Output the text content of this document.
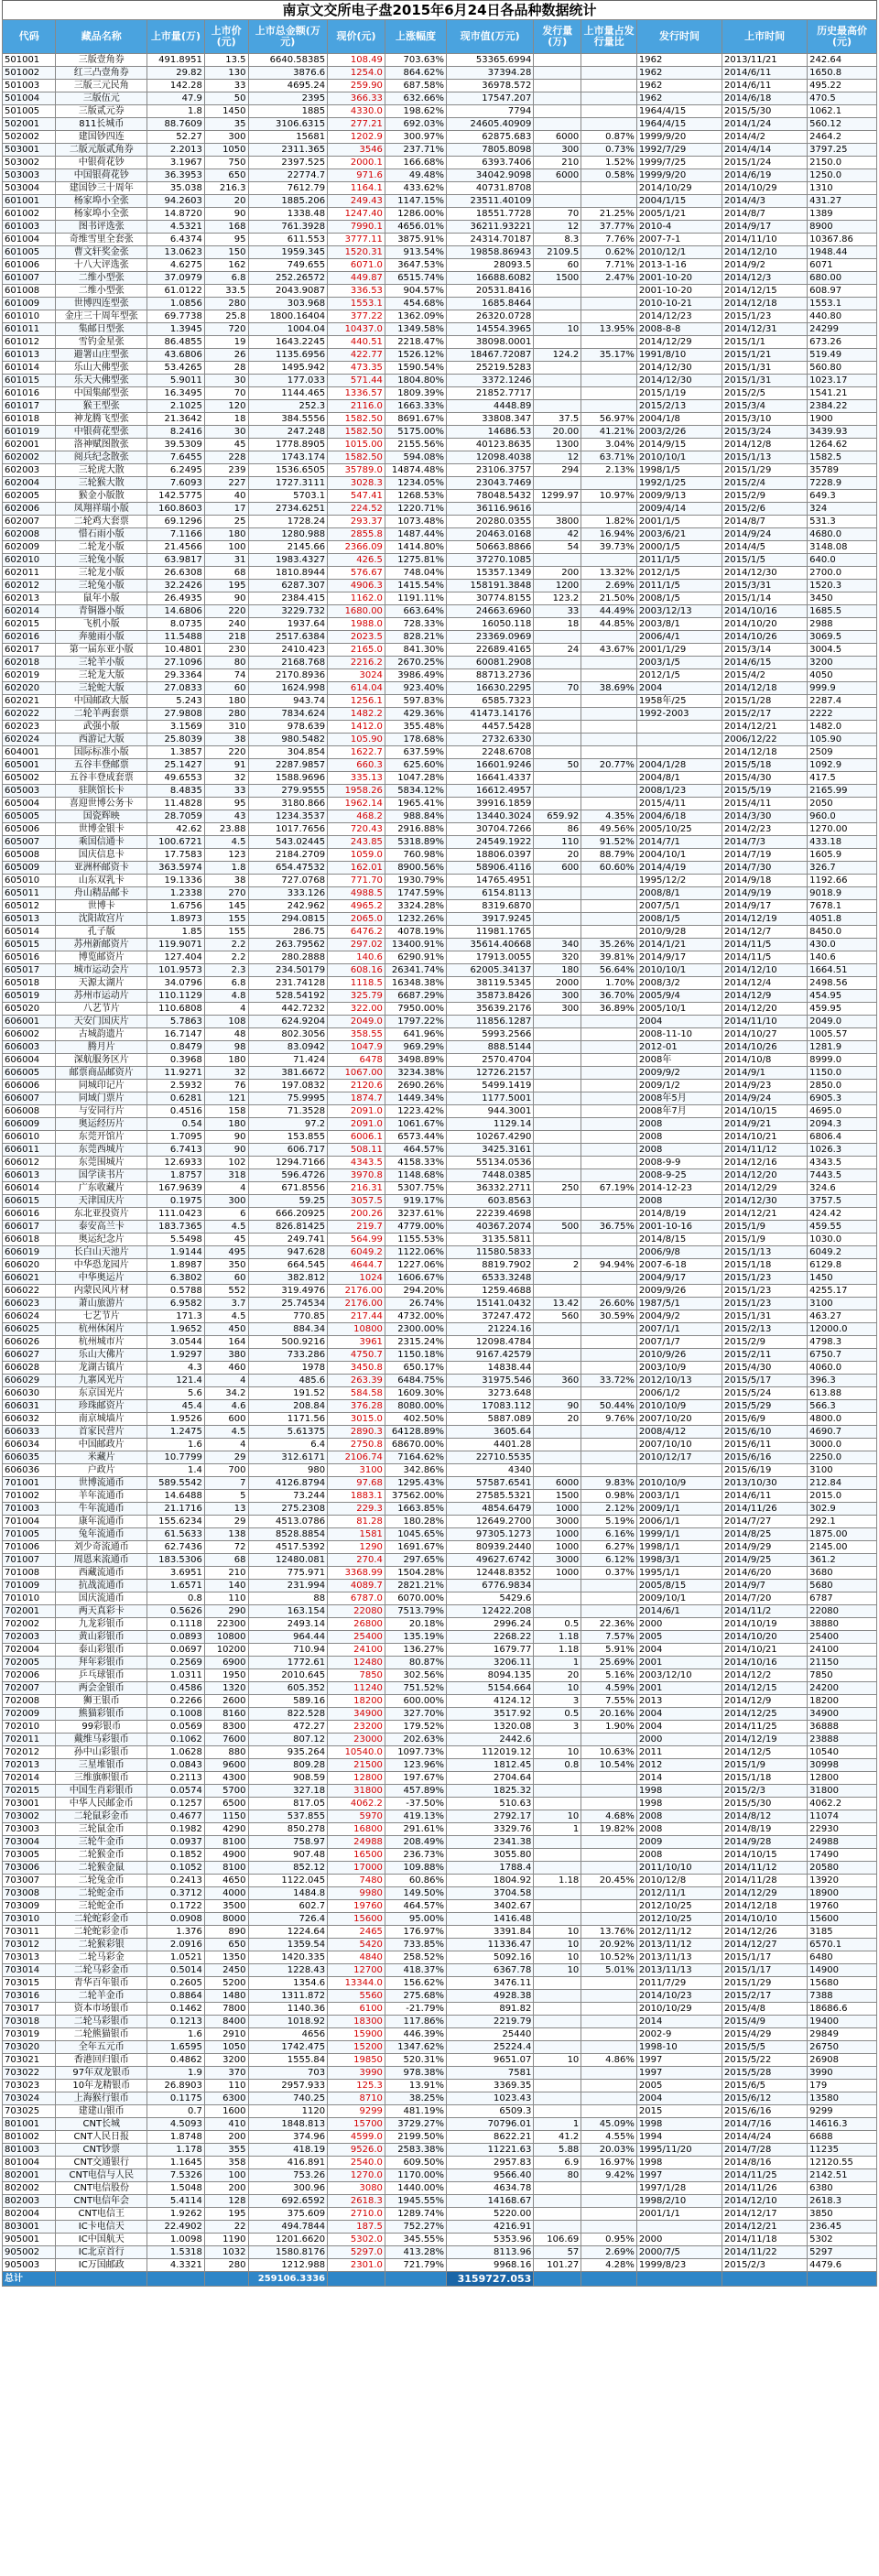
南京文交所电子盘2015年6月24日各品种数据统计
代码	藏品名称	上市量(万)	上市价(元)	上市总金额(万元)	现价(元)	上涨幅度	现市值(万元)	发行量(万)	上市量占发行量比	发行时间	上市时间	历史最高价(元)
501001	三版壹角券	491.8951	13.5	6640.58385	108.49	703.63%	53365.6994			1962	2013/11/21	242.64
501002	红三凸壹角券	29.82	130	3876.6	1254.0	864.62%	37394.28			1962	2014/6/11	1650.8
501003	三版三元民角	142.28	33	4695.24	259.90	687.58%	36978.572			1962	2014/6/11	495.22
501004	三版伍元	47.9	50	2395	366.33	632.66%	17547.207			1962	2014/6/18	470.5
501005	三版贰元券	1.8	1450	1885	4330.0	198.62%	7794			1964/4/15	2015/5/30	1062.1
502001	811长城币	88.7609	35	3106.6315	277.21	692.03%	24605.40909			1964/4/15	2014/1/24	560.12
502002	建国钞四连	52.27	300	15681	1202.9	300.97%	62875.683	6000	0.87%	1999/9/20	2014/4/2	2464.2
503001	二版元版贰角券	2.2013	1050	2311.365	3546	237.71%	7805.8098	300	0.73%	1992/7/29	2014/4/14	3797.25
503002	中银荷花钞	3.1967	750	2397.525	2000.1	166.68%	6393.7406	210	1.52%	1999/7/25	2015/1/24	2150.0
503003	中国银荷花钞	36.3953	650	22774.7	971.6	49.48%	34042.9098	6000	0.58%	1999/9/20	2014/6/19	1250.0
503004	建国钞三十周年	35.038	216.3	7612.79	1164.1	433.62%	40731.8708			2014/10/29	2014/10/29	1310
601001	杨家埠小全张	94.2603	20	1885.206	249.43	1147.15%	23511.40109			2004/1/15	2014/4/3	431.27
601002	杨家埠小全张	14.8720	90	1338.48	1247.40	1286.00%	18551.7728	70	21.25%	2005/1/21	2014/8/7	1389
601003	图书评选张	4.5321	168	761.3928	7990.1	4656.01%	36211.93221	12	37.77%	2010-4	2014/9/17	8900
601004	奇维雪里全套张	6.4374	95	611.553	3777.11	3875.91%	24314.70187	8.3	7.76%	2007-7-1	2014/11/10	10367.86
601005	曹文轩奖金张	13.0623	150	1959.345	1520.31	913.54%	19858.86943	2109.5	0.62%	2010/12/1	2014/12/10	1948.44
601006	十八大评选张	4.6275	162	749.655	6071.0	3647.53%	28093.5	60	7.71%	2013-1-16	2014/9/2	6071
601007	二维小型张	37.0979	6.8	252.26572	449.87	6515.74%	16688.6082	1500	2.47%	2001-10-20	2014/12/3	680.00
601008	二维小型张	61.0122	33.5	2043.9087	336.53	904.57%	20531.8416			2001-10-20	2014/12/15	608.97
601009	世博四连型张	1.0856	280	303.968	1553.1	454.68%	1685.8464			2010-10-21	2014/12/18	1553.1
601010	金庄三十周年型张	69.7738	25.8	1800.16404	377.22	1362.09%	26320.0728			2014/12/23	2015/1/23	440.80
601011	集邮日型张	1.3945	720	1004.04	10437.0	1349.58%	14554.3965	10	13.95%	2008-8-8	2014/12/31	24299
601012	雪钓金星张	86.4855	19	1643.2245	440.51	2218.47%	38098.0001			2014/12/29	2015/1/1	673.26
601013	避署山庄型张	43.6806	26	1135.6956	422.77	1526.12%	18467.72087	124.2	35.17%	1991/8/10	2015/1/21	519.49
601014	乐山大佛型张	53.4265	28	1495.942	473.35	1590.54%	25219.5283			2014/12/30	2015/1/31	560.80
601015	乐天大佛型张	5.9011	30	177.033	571.44	1804.80%	3372.1246			2014/12/30	2015/1/31	1023.17
601016	中国集邮型张	16.3495	70	1144.465	1336.57	1809.39%	21852.7717			2015/1/19	2015/2/5	1541.21
601017	猴王型张	2.1025	120	252.3	2116.0	1663.33%	4448.89			2015/2/13	2015/3/4	2384.22
601018	神龙腾飞型张	21.3642	18	384.5556	1582.50	8691.67%	33808.347	37.5	56.97%	2004/1/8	2015/3/10	1900
601019	中银荷花型张	8.2416	30	247.248	1582.50	5175.00%	14686.53	20.00	41.21%	2003/2/26	2015/3/24	3439.93
602001	洛神赋图散张	39.5309	45	1778.8905	1015.00	2155.56%	40123.8635	1300	3.04%	2014/9/15	2014/12/8	1264.62
602002	阅兵纪念散张	7.6455	228	1743.174	1582.50	594.08%	12098.4038	12	63.71%	2010/10/1	2015/1/13	1582.5
602003	三轮虎大散	6.2495	239	1536.6505	35789.0	14874.48%	23106.3757	294	2.13%	1998/1/5	2015/1/29	35789
602004	三轮猴大散	7.6093	227	1727.3111	3028.3	1234.05%	23043.7469			1992/1/25	2015/2/4	7228.9
602005	猴金小版散	142.5775	40	5703.1	547.41	1268.53%	78048.5432	1299.97	10.97%	2009/9/13	2015/2/9	649.3
602006	凤翔祥瑞小版	160.8603	17	2734.6251	224.52	1220.71%	36116.9616			2009/4/14	2015/2/6	324
602007	二轮鸡大套票	69.1296	25	1728.24	293.37	1073.48%	20280.0355	3800	1.82%	2001/1/5	2014/8/7	531.3
602008	惜石雨小版	7.1166	180	1280.988	2855.8	1487.44%	20463.0168	42	16.94%	2003/6/21	2014/9/24	4680.0
602009	二轮龙小版	21.4566	100	2145.66	2366.09	1414.80%	50663.8866	54	39.73%	2000/1/5	2014/4/5	3148.08
602010	三轮兔小版	63.9817	31	1983.4327	426.5	1275.81%	37270.1085			2011/1/5	2015/1/5	640.0
602011	三轮龙小版	26.6308	68	1810.8944	576.67	748.04%	15357.1349	200	13.32%	2012/1/5	2014/12/30	2700.0
602012	三轮兔小版	32.2426	195	6287.307	4906.3	1415.54%	158191.3848	1200	2.69%	2011/1/5	2015/3/31	1520.3
602013	鼠年小版	26.4935	90	2384.415	1162.0	1191.11%	30774.8155	123.2	21.50%	2008/1/5	2015/1/14	3450
602014	青铜器小版	14.6806	220	3229.732	1680.00	663.64%	24663.6960	33	44.49%	2003/12/13	2014/10/16	1685.5
602015	飞机小版	8.0735	240	1937.64	1988.0	728.33%	16050.118	18	44.85%	2003/8/1	2014/10/20	2988
602016	奔驰雨小版	11.5488	218	2517.6384	2023.5	828.21%	23369.0969			2006/4/1	2014/10/26	3069.5
602017	第一届东亚小版	10.4801	230	2410.423	2165.0	841.30%	22689.4165	24	43.67%	2001/1/29	2015/3/14	3004.5
602018	三轮羊小版	27.1096	80	2168.768	2216.2	2670.25%	60081.2908			2003/1/5	2014/6/15	3200
602019	三轮龙大版	29.3364	74	2170.8936	3024	3986.49%	88713.2736			2012/1/5	2015/4/2	4050
602020	三轮蛇大版	27.0833	60	1624.998	614.04	923.40%	16630.2295	70	38.69%	2004	2014/12/18	999.9
602021	中国邮政大版	5.243	180	943.74	1256.1	597.83%	6585.7323			1958年/25	2015/1/28	2287.4
602022	二轮羊两套票	27.9808	280	7834.624	1482.2	429.36%	41473.14176			1992-2003	2015/2/17	2222
602023	武强小版	3.1569	310	978.639	1412.0	355.48%	4457.5428				2014/12/21	1482.0
602024	西游记大版	25.8039	38	980.5482	105.90	178.68%	2732.6330				2006/12/22	105.90
604001	国际标准小版	1.3857	220	304.854	1622.7	637.59%	2248.6708				2014/12/18	2509
605001	五谷丰登邮票	25.1427	91	2287.9857	660.3	625.60%	16601.9246	50	20.77%	2004/1/28	2015/5/18	1092.9
605002	五谷丰登成套票	49.6553	32	1588.9696	335.13	1047.28%	16641.4337			2004/8/1	2015/4/30	417.5
605003	驻陕馆长卡	8.4835	33	279.9555	1958.26	5834.12%	16612.4957			2008/1/23	2015/5/19	2165.99
605004	喜迎世博公务卡	11.4828	95	3180.866	1962.14	1965.41%	39916.1859			2015/4/11	2015/4/11	2050
605005	国瓷辉映	28.7059	43	1234.3537	468.2	988.84%	13440.3024	659.92	4.35%	2004/6/18	2014/3/30	960.0
605006	世博金银卡	42.62	23.88	1017.7656	720.43	2916.88%	30704.7266	86	49.56%	2005/10/25	2014/2/23	1270.00
605007	乘国信通卡	100.6721	4.5	543.02445	243.85	5318.89%	24549.1922	110	91.52%	2014/7/1	2014/7/3	433.18
605008	国庆信息卡	17.7583	123	2184.2709	1059.0	760.98%	18806.0397	20	88.79%	2004/10/1	2014/7/19	1605.9
605009	亚洲杯邮资卡	363.5974	1.8	654.47532	162.01	8900.56%	58906.4116	600	60.60%	2014/4/19	2014/7/30	326.7
605010	山东双乳卡	19.1336	38	727.0768	771.70	1930.79%	14765.4951			1995/12/2	2014/9/18	1192.66
605011	舟山精品邮卡	1.2338	270	333.126	4988.5	1747.59%	6154.8113			2008/8/1	2014/9/19	9018.9
605012	世博卡	1.6756	145	242.962	4965.2	3324.28%	8319.6870			2007/5/1	2014/9/17	7678.1
605013	沈阳故宫片	1.8973	155	294.0815	2065.0	1232.26%	3917.9245			2008/1/5	2014/12/19	4051.8
605014	孔子版	1.85	155	286.75	6476.2	4078.19%	11981.1765			2010/9/28	2014/12/7	8450.0
605015	苏州新邮资片	119.9071	2.2	263.79562	297.02	13400.91%	35614.40668	340	35.26%	2014/1/21	2014/11/5	430.0
605016	博览邮资片	127.404	2.2	280.2888	140.6	6290.91%	17913.0055	320	39.81%	2014/9/17	2014/11/5	140.6
605017	城市运动会片	101.9573	2.3	234.50179	608.16	26341.74%	62005.34137	180	56.64%	2010/10/1	2014/12/10	1664.51
605018	天源太湖片	34.0796	6.8	231.74128	1118.5	16348.38%	38119.5345	2000	1.70%	2008/3/2	2014/12/4	2498.56
605019	苏州市运动片	110.1129	4.8	528.54192	325.79	6687.29%	35873.8426	300	36.70%	2005/9/4	2014/12/9	454.95
605020	八艺节片	110.6808	4	442.7232	322.00	7950.00%	35639.2176	300	36.89%	2005/10/1	2014/12/20	459.95
606001	天安门国庆片	5.7863	108	624.9204	2049.0	1797.22%	11856.1287			2004	2014/11/10	2049.0
606002	古城韵遗片	16.7147	48	802.3056	358.55	641.96%	5993.2566			2008-11-10	2014/10/27	1005.57
606003	腾月片	0.8479	98	83.0942	1047.9	969.29%	888.5144			2012-01	2014/10/26	1281.9
606004	深航服务区片	0.3968	180	71.424	6478	3498.89%	2570.4704			2008年	2014/10/8	8999.0
606005	邮票商品邮资片	11.9271	32	381.6672	1067.00	3234.38%	12726.2157			2009/9/2	2014/9/1	1150.0
606006	同城印记片	2.5932	76	197.0832	2120.6	2690.26%	5499.1419			2009/1/2	2014/9/23	2850.0
606007	同域门票片	0.6281	121	75.9995	1874.7	1449.34%	1177.5001			2008年5月	2014/9/24	6905.3
606008	与安同行片	0.4516	158	71.3528	2091.0	1223.42%	944.3001			2008年7月	2014/10/15	4695.0
606009	奥运经历片	0.54	180	97.2	2091.0	1061.67%	1129.14			2008	2014/9/21	2094.3
606010	东莞开馆片	1.7095	90	153.855	6006.1	6573.44%	10267.4290			2008	2014/10/21	6806.4
606011	东莞西城片	6.7413	90	606.717	508.11	464.57%	3425.3161			2008	2014/11/12	1026.3
606012	东莞围城片	12.6933	102	1294.7166	4343.5	4158.33%	55134.0536			2008-9-9	2014/12/16	4343.5
606013	国学读书片	1.8757	318	596.4726	3970.8	1148.68%	7448.0385			2008-9-25	2014/12/20	7443.5
606014	广东收藏片	167.9639	4	671.8556	216.31	5307.75%	36332.2711	250	67.19%	2014-12-23	2014/12/29	324.6
606015	天津国庆片	0.1975	300	59.25	3057.5	919.17%	603.8563			2008	2014/12/30	3757.5
606016	东北亚投资片	111.0423	6	666.20925	200.26	3237.61%	22239.4698			2014/8/19	2014/12/21	424.42
606017	泰安高兰卡	183.7365	4.5	826.81425	219.7	4779.00%	40367.2074	500	36.75%	2001-10-16	2015/1/9	459.55
606018	奥运纪念片	5.5498	45	249.741	564.99	1155.53%	3135.5811			2014/8/15	2015/1/9	1030.0
606019	长白山天池片	1.9144	495	947.628	6049.2	1122.06%	11580.5833			2006/9/8	2015/1/13	6049.2
606020	中华恐龙园片	1.8987	350	664.545	4644.7	1227.06%	8819.7902	2	94.94%	2007-6-18	2015/1/18	6129.8
606021	中华奥运片	6.3802	60	382.812	1024	1606.67%	6533.3248			2004/9/17	2015/1/23	1450
606022	内蒙民风片材	0.5788	552	319.4976	2176.00	294.20%	1259.4688			2009/9/26	2015/1/23	4255.17
606023	萧山旅游片	6.9582	3.7	25.74534	2176.00	26.74%	15141.0432	13.42	26.60%	1987/5/1	2015/1/23	3100
606024	七艺节片	171.3	4.5	770.85	217.44	4732.00%	37247.472	560	30.59%	2004/9/2	2015/1/31	463.27
606025	杭州休闲片	1.9652	450	884.34	10800	2300.00%	21224.16			2007/1/1	2015/2/13	12000.0
606026	杭州城市片	3.0544	164	500.9216	3961	2315.24%	12098.4784			2007/1/7	2015/2/9	4798.3
606027	乐山大佛片	1.9297	380	733.286	4750.7	1150.18%	9167.42579			2010/9/26	2015/2/11	6750.7
606028	龙湖古镇片	4.3	460	1978	3450.8	650.17%	14838.44			2003/10/9	2015/4/30	4060.0
606029	九寨风光片	121.4	4	485.6	263.39	6484.75%	31975.546	360	33.72%	2012/10/13	2015/5/17	396.3
606030	东京国光片	5.6	34.2	191.52	584.58	1609.30%	3273.648			2006/1/2	2015/5/24	613.88
606031	珍珠邮资片	45.4	4.6	208.84	376.28	8080.00%	17083.112	90	50.44%	2010/10/9	2015/5/29	566.3
606032	南京城墙片	1.9526	600	1171.56	3015.0	402.50%	5887.089	20	9.76%	2007/10/20	2015/6/9	4800.0
606033	首家民营片	1.2475	4.5	5.61375	2890.3	64128.89%	3605.64			2008/4/12	2015/6/10	4690.7
606034	中国邮政片	1.6	4	6.4	2750.8	68670.00%	4401.28			2007/10/10	2015/6/11	3000.0
606035	米藏片	10.7799	29	312.6171	2106.74	7164.62%	22710.5535			2010/12/17	2015/6/16	2250.0
606036	户政片	1.4	700	980	3100	342.86%	4340				2015/6/19	3100
701001	世博流通币	589.5542	7	4126.8794	97.68	1295.43%	57587.6541	6000	9.83%	2010/10/9	2013/10/30	212.84
701002	羊年流通币	14.6488	5	73.244	1883.1	37562.00%	27585.5321	1500	0.98%	2003/1/1	2014/6/11	2015.0
701003	牛年流通币	21.1716	13	275.2308	229.3	1663.85%	4854.6479	1000	2.12%	2009/1/1	2014/11/26	302.9
701004	康年流通币	155.6234	29	4513.0786	81.28	180.28%	12649.2700	3000	5.19%	2006/1/1	2014/7/27	292.1
701005	兔年流通币	61.5633	138	8528.8854	1581	1045.65%	97305.1273	1000	6.16%	1999/1/1	2014/8/25	1875.00
701006	刘少奇流通币	62.7436	72	4517.5392	1290	1691.67%	80939.2440	1000	6.27%	1998/1/1	2014/9/29	2145.00
701007	周恩来流通币	183.5306	68	12480.081	270.4	297.65%	49627.6742	3000	6.12%	1998/3/1	2014/9/25	361.2
701008	西藏流通币	3.6951	210	775.971	3368.99	1504.28%	12448.8352	1000	0.37%	1995/1/1	2014/6/20	3680
701009	抗战流通币	1.6571	140	231.994	4089.7	2821.21%	6776.9834			2005/8/15	2014/9/7	5680
701010	国庆流通币	0.8	110	88	6787.0	6070.00%	5429.6			2009/10/1	2014/7/20	6787
702001	两天真彩卡	0.5626	290	163.154	22080	7513.79%	12422.208			2014/6/1	2014/11/2	22080
702002	九龙彩银币	0.1118	22300	2493.14	26800	20.18%	2996.24	0.5	22.36%	2000	2014/10/19	38880
702003	黄山彩银币	0.0893	10800	964.44	25400	135.19%	2268.22	1.18	7.57%	2005	2014/10/20	25400
702004	泰山彩银币	0.0697	10200	710.94	24100	136.27%	1679.77	1.18	5.91%	2004	2014/10/21	24100
702005	拜年彩银币	0.2569	6900	1772.61	12480	80.87%	3206.11	1	25.69%	2001	2014/10/16	21150
702006	乒乓球银币	1.0311	1950	2010.645	7850	302.56%	8094.135	20	5.16%	2003/12/10	2014/12/2	7850
702007	两会金银币	0.4586	1320	605.352	11240	751.52%	5154.664	10	4.59%	2001	2014/12/15	24200
702008	狮王银币	0.2266	2600	589.16	18200	600.00%	4124.12	3	7.55%	2013	2014/12/9	18200
702009	熊猫彩银币	0.1008	8160	822.528	34900	327.70%	3517.92	0.5	20.16%	2004	2014/12/25	34900
702010	99彩银币	0.0569	8300	472.27	23200	179.52%	1320.08	3	1.90%	2004	2014/11/25	36888
702011	戴维马彩银币	0.1062	7600	807.12	23000	202.63%	2442.6			2000	2014/12/19	23888
702012	孙中山彩银币	1.0628	880	935.264	10540.0	1097.73%	112019.12	10	10.63%	2011	2014/12/5	10540
702013	三星堆银币	0.0843	9600	809.28	21500	123.96%	1812.45	0.8	10.54%	2012	2015/1/9	30998
702014	三维旗帜银币	0.2113	4300	908.59	12800	197.67%	2704.64			2014	2015/1/18	12800
702015	中国生肖彩银币	0.0574	5700	327.18	31800	457.89%	1825.32			1998	2015/2/3	31800
703001	中华人民邮金币	0.1257	6500	817.05	4062.2	-37.50%	510.63			1998	2015/5/30	4062.2
703002	二轮鼠彩金币	0.4677	1150	537.855	5970	419.13%	2792.17	10	4.68%	2008	2014/8/12	11074
703003	三轮鼠金币	0.1982	4290	850.278	16800	291.61%	3329.76	1	19.82%	2008	2014/8/19	22930
703004	三轮牛金币	0.0937	8100	758.97	24988	208.49%	2341.38			2009	2014/9/28	24988
703005	二轮猴金币	0.1852	4900	907.48	16500	236.73%	3055.80			2008	2014/10/15	17490
703006	二轮猴金鼠	0.1052	8100	852.12	17000	109.88%	1788.4			2011/10/10	2014/11/12	20580
703007	二轮兔金币	0.2413	4650	1122.045	7480	60.86%	1804.92	1.18	20.45%	2010/12/8	2014/11/28	13920
703008	二轮蛇金币	0.3712	4000	1484.8	9980	149.50%	3704.58			2012/11/1	2014/12/29	18900
703009	三轮蛇金币	0.1722	3500	602.7	19760	464.57%	3402.67			2012/10/25	2014/12/18	19760
703010	二轮蛇彩金币	0.0908	8000	726.4	15600	95.00%	1416.48			2012/10/25	2014/10/10	15600
703011	二轮蛇彩金币	1.376	890	1224.64	2465	176.97%	3391.84	10	13.76%	2012/11/12	2014/12/26	3185
703012	二轮猴彩银	2.0916	650	1359.54	5420	733.85%	11336.47	10	20.92%	2013/11/12	2014/12/27	6570.1
703013	二轮马彩金	1.0521	1350	1420.335	4840	258.52%	5092.16	10	10.52%	2013/11/13	2015/1/17	6480
703014	二轮马彩金币	0.5014	2450	1228.43	12700	418.37%	6367.78	10	5.01%	2013/11/13	2015/1/17	14900
703015	青华百年银币	0.2605	5200	1354.6	13344.0	156.62%	3476.11			2011/7/29	2015/1/29	15680
703016	二轮羊金币	0.8864	1480	1311.872	5560	275.68%	4928.38			2014/10/23	2015/2/17	7388
703017	资本市场银币	0.1462	7800	1140.36	6100	-21.79%	891.82			2010/10/29	2015/4/8	18686.6
703018	二轮马彩银币	0.1213	8400	1018.92	18300	117.86%	2219.79			2014	2015/4/9	19400
703019	二轮熊猫银币	1.6	2910	4656	15900	446.39%	25440			2002-9	2015/4/29	29849
703020	全年五元币	1.6595	1050	1742.475	15200	1347.62%	25224.4			1998-10	2015/5/5	26750
703021	香港回归银币	0.4862	3200	1555.84	19850	520.31%	9651.07	10	4.86%	1997	2015/5/22	26908
703022	97年双龙银币	1.9	370	703	3990	978.38%	7581			1997	2015/5/28	3990
703023	10年龙精银币	26.8903	110	2957.933	125.3	13.91%	3369.35			2005	2015/6/5	179
703024	上海猴行银币	0.1175	6300	740.25	8710	38.25%	1023.43			2004	2015/6/12	13580
703025	建建山银币	0.7	1600	1120	9299	481.19%	6509.3			2015	2015/6/16	9299
801001	CNT长城	4.5093	410	1848.813	15700	3729.27%	70796.01	1	45.09%	1998	2014/7/16	14616.3
801002	CNT人民日报	1.8748	200	374.96	4599.0	2199.50%	8622.21	41.2	4.55%	1994	2014/4/24	6688
801003	CNT钞票	1.178	355	418.19	9526.0	2583.38%	11221.63	5.88	20.03%	1995/11/20	2014/7/28	11235
801004	CNT交通银行	1.1645	358	416.891	2540.0	609.50%	2957.83	6.9	16.97%	1998	2014/8/16	12120.55
802001	CNT电信与人民	7.5326	100	753.26	1270.0	1170.00%	9566.40	80	9.42%	1997	2014/11/25	2142.51
802002	CNT电信股份	1.5048	200	300.96	3080	1440.00%	4634.78			1997/1/28	2014/11/26	6380
802003	CNT电信年会	5.4114	128	692.6592	2618.3	1945.55%	14168.67			1998/2/10	2014/12/10	2618.3
802004	CNT电信王	1.9262	195	375.609	2710.0	1289.74%	5220.00			2001/1/1	2014/12/17	3850
803001	IC卡电信天	22.4902	22	494.7844	187.5	752.27%	4216.91				2014/12/21	236.45
905001	IC中国航天	1.0098	1190	1201.6620	5302.0	345.55%	5353.96	106.69	0.95%	2000	2014/11/18	5302
905002	IC北京首行	1.5318	1032	1580.8176	5297.0	413.28%	8113.96	57	2.69%	2000/7/5	2014/11/22	5297
905003	IC万国邮政	4.3321	280	1212.988	2301.0	721.79%	9968.16	101.27	4.28%	1999/8/23	2015/2/3	4479.6
总计				259106.3336			3159727.053					
